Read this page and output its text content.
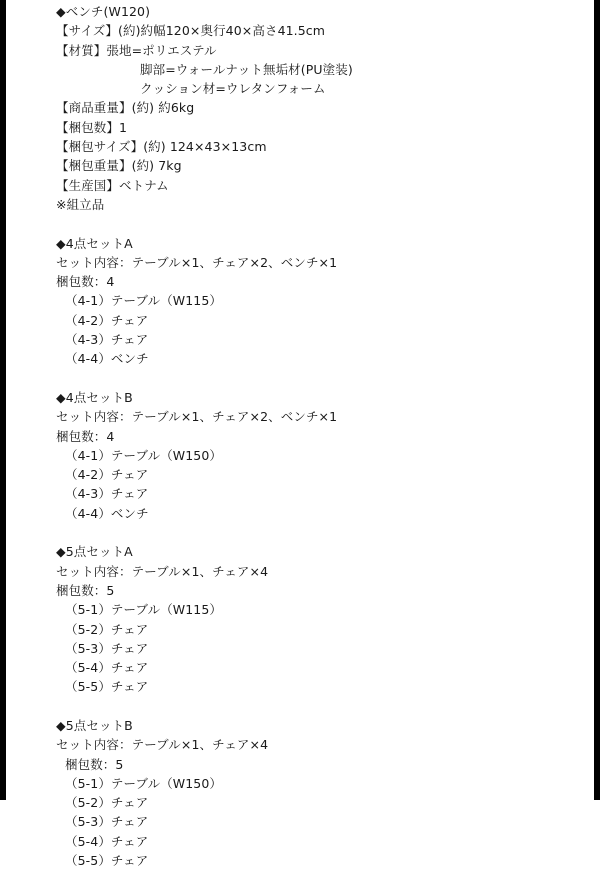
◆ベンチ(W120)
【サイズ】(約)約幅120×奥行40×高さ41.5cm
【材質】張地=ポリエステル
脚部=ウォールナット無垢材(PU塗装)
クッション材=ウレタンフォーム
【商品重量】(約) 約6kg
【梱包数】1
【梱包サイズ】(約) 124×43×13cm
【梱包重量】(約) 7kg
【生産国】ベトナム
※組立品
◆4点セットA
セット内容：テーブル×1、チェア×2、ベンチ×1
梱包数：4
（4-1）テーブル（W115）
（4-2）チェア
（4-3）チェア
（4-4）ベンチ
◆4点セットB
セット内容：テーブル×1、チェア×2、ベンチ×1
梱包数：4
（4-1）テーブル（W150）
（4-2）チェア
（4-3）チェア
（4-4）ベンチ
◆5点セットA
セット内容：テーブル×1、チェア×4
梱包数：5
（5-1）テーブル（W115）
（5-2）チェア
（5-3）チェア
（5-4）チェア
（5-5）チェア
◆5点セットB
セット内容：テーブル×1、チェア×4
梱包数：5
（5-1）テーブル（W150）
（5-2）チェア
（5-3）チェア
（5-4）チェア
（5-5）チェア
